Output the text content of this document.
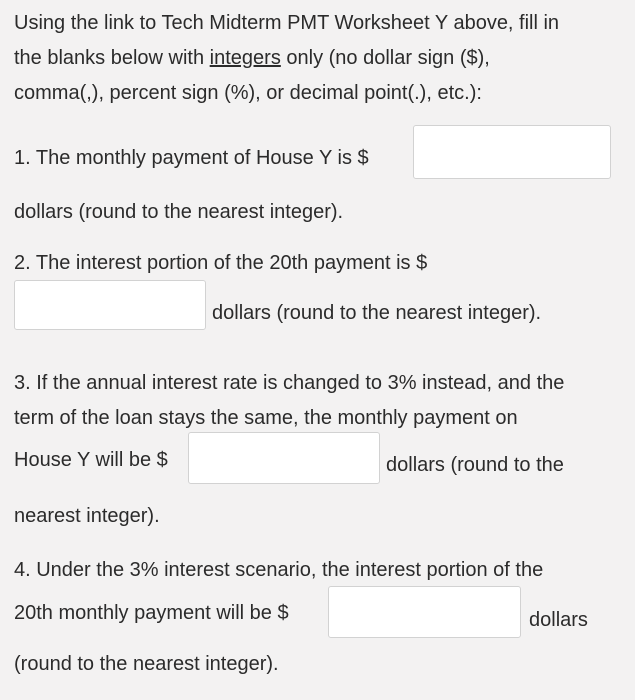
Using the link to Tech Midterm PMT Worksheet Y above, fill in
the blanks below with integers only (no dollar sign ($),
comma(,), percent sign (%), or decimal point(.), etc.):
1. The monthly payment of House Y is $
dollars (round to the nearest integer).
2. The interest portion of the 20th payment is $
dollars (round to the nearest integer).
3. If the annual interest rate is changed to 3% instead, and the
term of the loan stays the same, the monthly payment on
House Y will be $	dollars (round to the
nearest integer).
4. Under the 3% interest scenario, the interest portion of the
20th monthly payment will be $	dollars
(round to the nearest integer).
